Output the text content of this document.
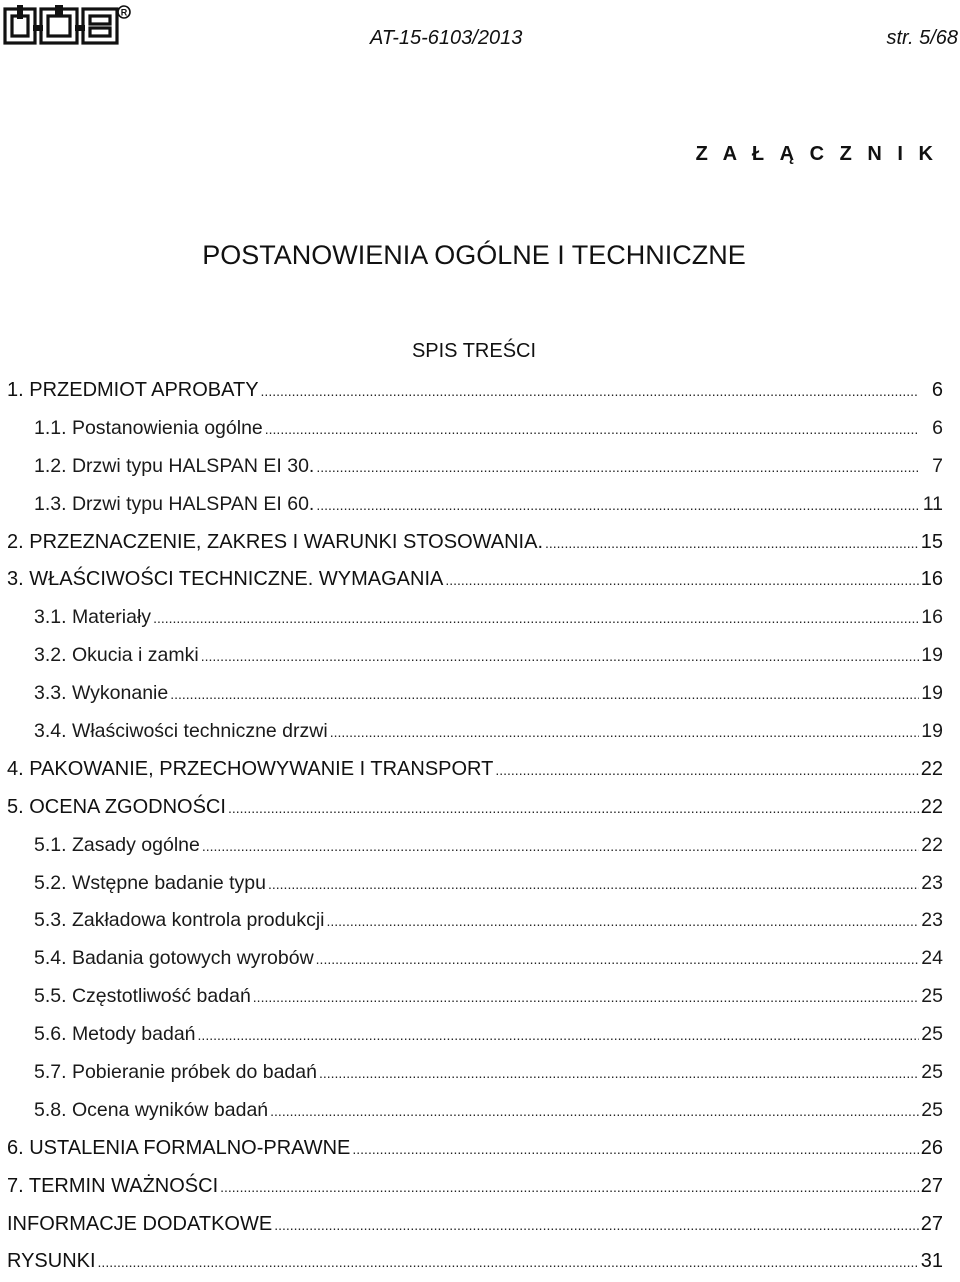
R
AT-15-6103/2013	str. 5/68
Z A Ł Ą C Z N I K
POSTANOWIENIA OGÓLNE I TECHNICZNE
SPIS TREŚCI
1. PRZEDMIOT APROBATY .....	6
1.1. Postanowienia ogólne .....	6
1.2. Drzwi typu HALSPAN EI 30. .....	7
1.3. Drzwi typu HALSPAN EI 60. .....	11
2. PRZEZNACZENIE, ZAKRES I WARUNKI STOSOWANIA. .....	15
3. WŁAŚCIWOŚCI TECHNICZNE. WYMAGANIA .....	16
3.1. Materiały .....	16
3.2. Okucia i zamki .....	19
3.3. Wykonanie .....	19
3.4. Właściwości techniczne drzwi .....	19
4. PAKOWANIE, PRZECHOWYWANIE I TRANSPORT .....	22
5. OCENA ZGODNOŚCI .....	22
5.1. Zasady ogólne .....	22
5.2. Wstępne badanie typu .....	23
5.3. Zakładowa kontrola produkcji .....	23
5.4. Badania gotowych wyrobów .....	24
5.5. Częstotliwość badań .....	25
5.6. Metody badań .....	25
5.7. Pobieranie próbek do badań .....	25
5.8. Ocena wyników badań .....	25
6. USTALENIA FORMALNO-PRAWNE .....	26
7. TERMIN WAŻNOŚCI .....	27
INFORMACJE DODATKOWE .....	27
RYSUNKI .....	31
